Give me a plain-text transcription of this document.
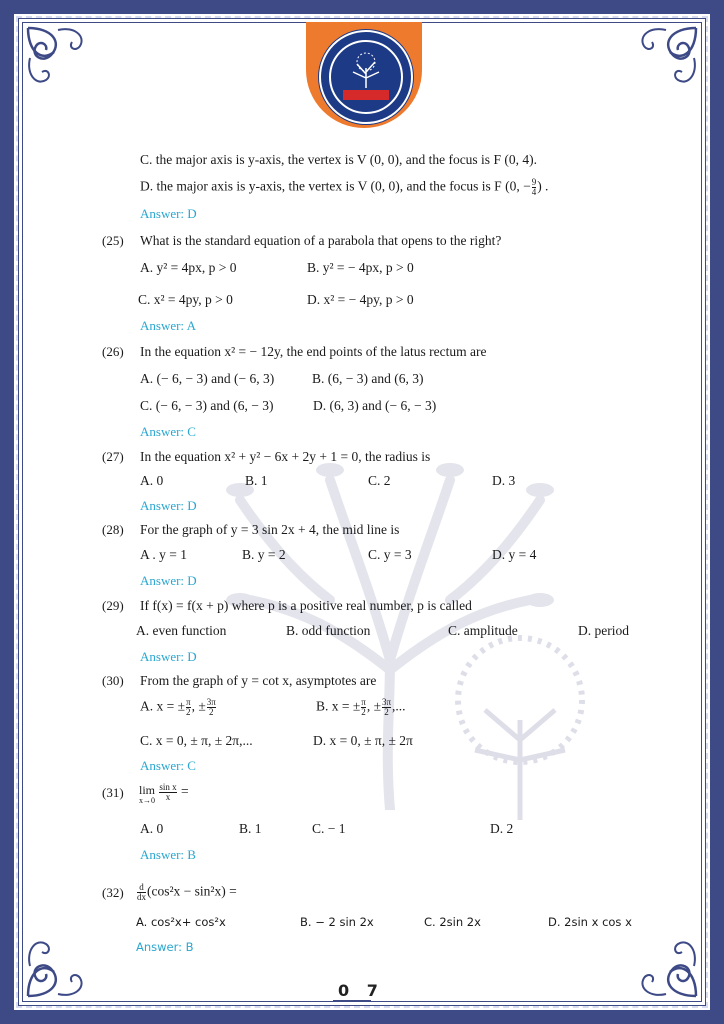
C. the major axis is y-axis, the vertex is V (0, 0), and the focus is F (0, 4).
D. the major axis is y-axis, the vertex is V (0, 0), and the focus is F (0, − $\frac{9}{4}$ ) .
Answer: D
(25) What is the standard equation of a parabola that opens to the right?
A. y² = 4px, p > 0	B. y² = − 4px, p > 0
C. x² = 4py, p > 0	D. x² = − 4py, p > 0
Answer: A
(26) In the equation x² = − 12y, the end points of the latus rectum are
A. (− 6, − 3) and (− 6, 3)	B. (6, − 3) and (6, 3)
C. (− 6, − 3) and (6, − 3)	D. (6, 3) and (− 6, − 3)
Answer: C
(27) In the equation x² + y² − 6x + 2y + 1 = 0, the radius is
A. 0	B. 1	C. 2	D. 3
Answer: D
(28) For the graph of y = 3 sin 2x + 4, the mid line is
A . y = 1	B. y = 2	C. y = 3	D. y = 4
Answer: D
(29) If f(x) = f(x + p) where p is a positive real number, p is called
A. even function	B. odd function	C. amplitude	D. period
Answer: D
(30) From the graph of y = cot x, asymptotes are
A. x = ± $\frac{\pi}{2}$ , ± $\frac{3\pi}{2}$	B. x = ± $\frac{\pi}{2}$ , ± $\frac{3\pi}{2}$ ,...
C. x = 0, ± π, ± 2π,...	D. x = 0, ± π, ± 2π
Answer: C
(31) lim
x→0
$\frac{\text{sin x}}{x}$ =
A. 0	B. 1	C. − 1	D. 2
Answer: B
$(32) \frac{d}{dx} (\cos^2x - \sin^2x)$ =
A. cos²x+ cos²x	B. − 2 sin 2x	C. 2sin 2x	D. 2sin x cos x
Answer: B
0 7
